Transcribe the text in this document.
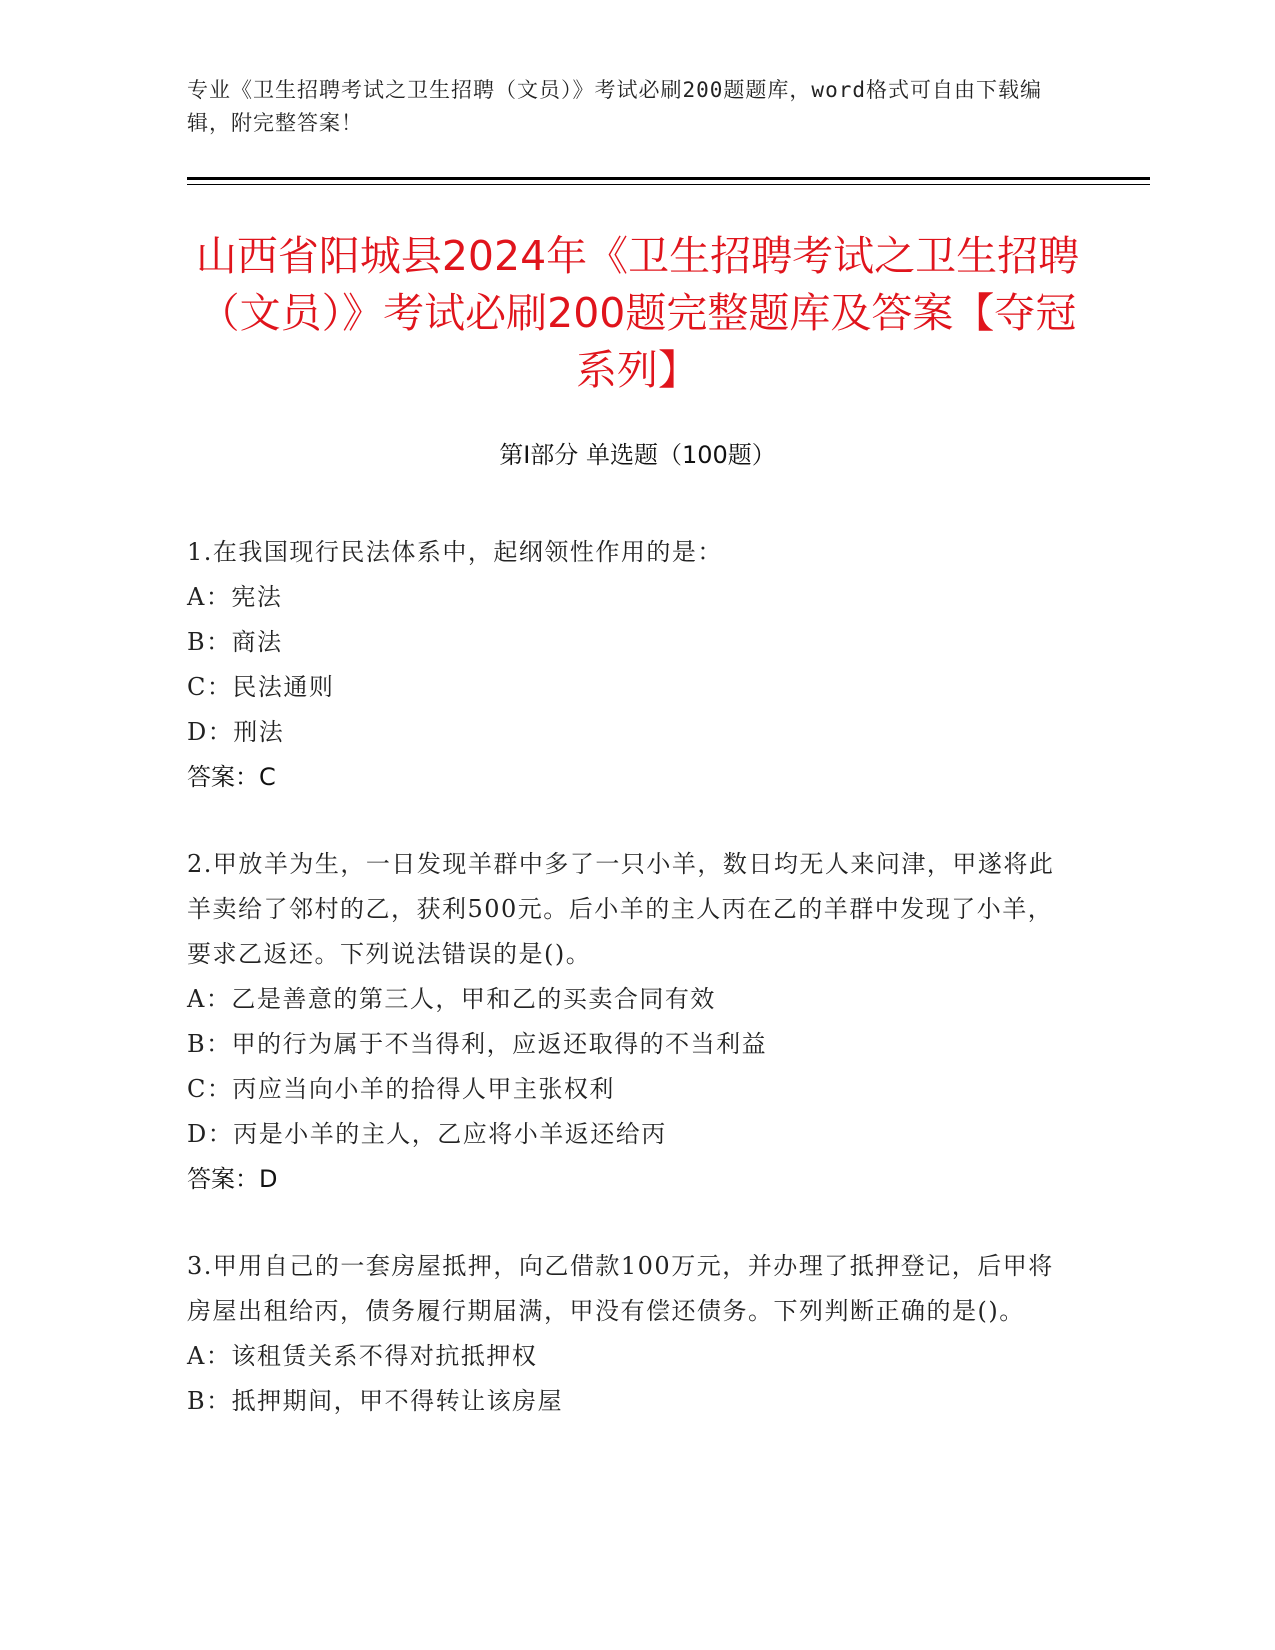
专业《卫生招聘考试之卫生招聘（文员）》考试必刷200题题库，word格式可自由下载编辑，附完整答案！
山西省阳城县2024年《卫生招聘考试之卫生招聘（文员）》考试必刷200题完整题库及答案【夺冠系列】
第I部分 单选题（100题）
1.在我国现行民法体系中，起纲领性作用的是：
A：宪法
B：商法
C：民法通则
D：刑法
答案：C
2.甲放羊为生，一日发现羊群中多了一只小羊，数日均无人来问津，甲遂将此羊卖给了邻村的乙，获利500元。后小羊的主人丙在乙的羊群中发现了小羊，要求乙返还。下列说法错误的是()。
A：乙是善意的第三人，甲和乙的买卖合同有效
B：甲的行为属于不当得利，应返还取得的不当利益
C：丙应当向小羊的拾得人甲主张权利
D：丙是小羊的主人，乙应将小羊返还给丙
答案：D
3.甲用自己的一套房屋抵押，向乙借款100万元，并办理了抵押登记，后甲将房屋出租给丙，债务履行期届满，甲没有偿还债务。下列判断正确的是()。
A：该租赁关系不得对抗抵押权
B：抵押期间，甲不得转让该房屋
